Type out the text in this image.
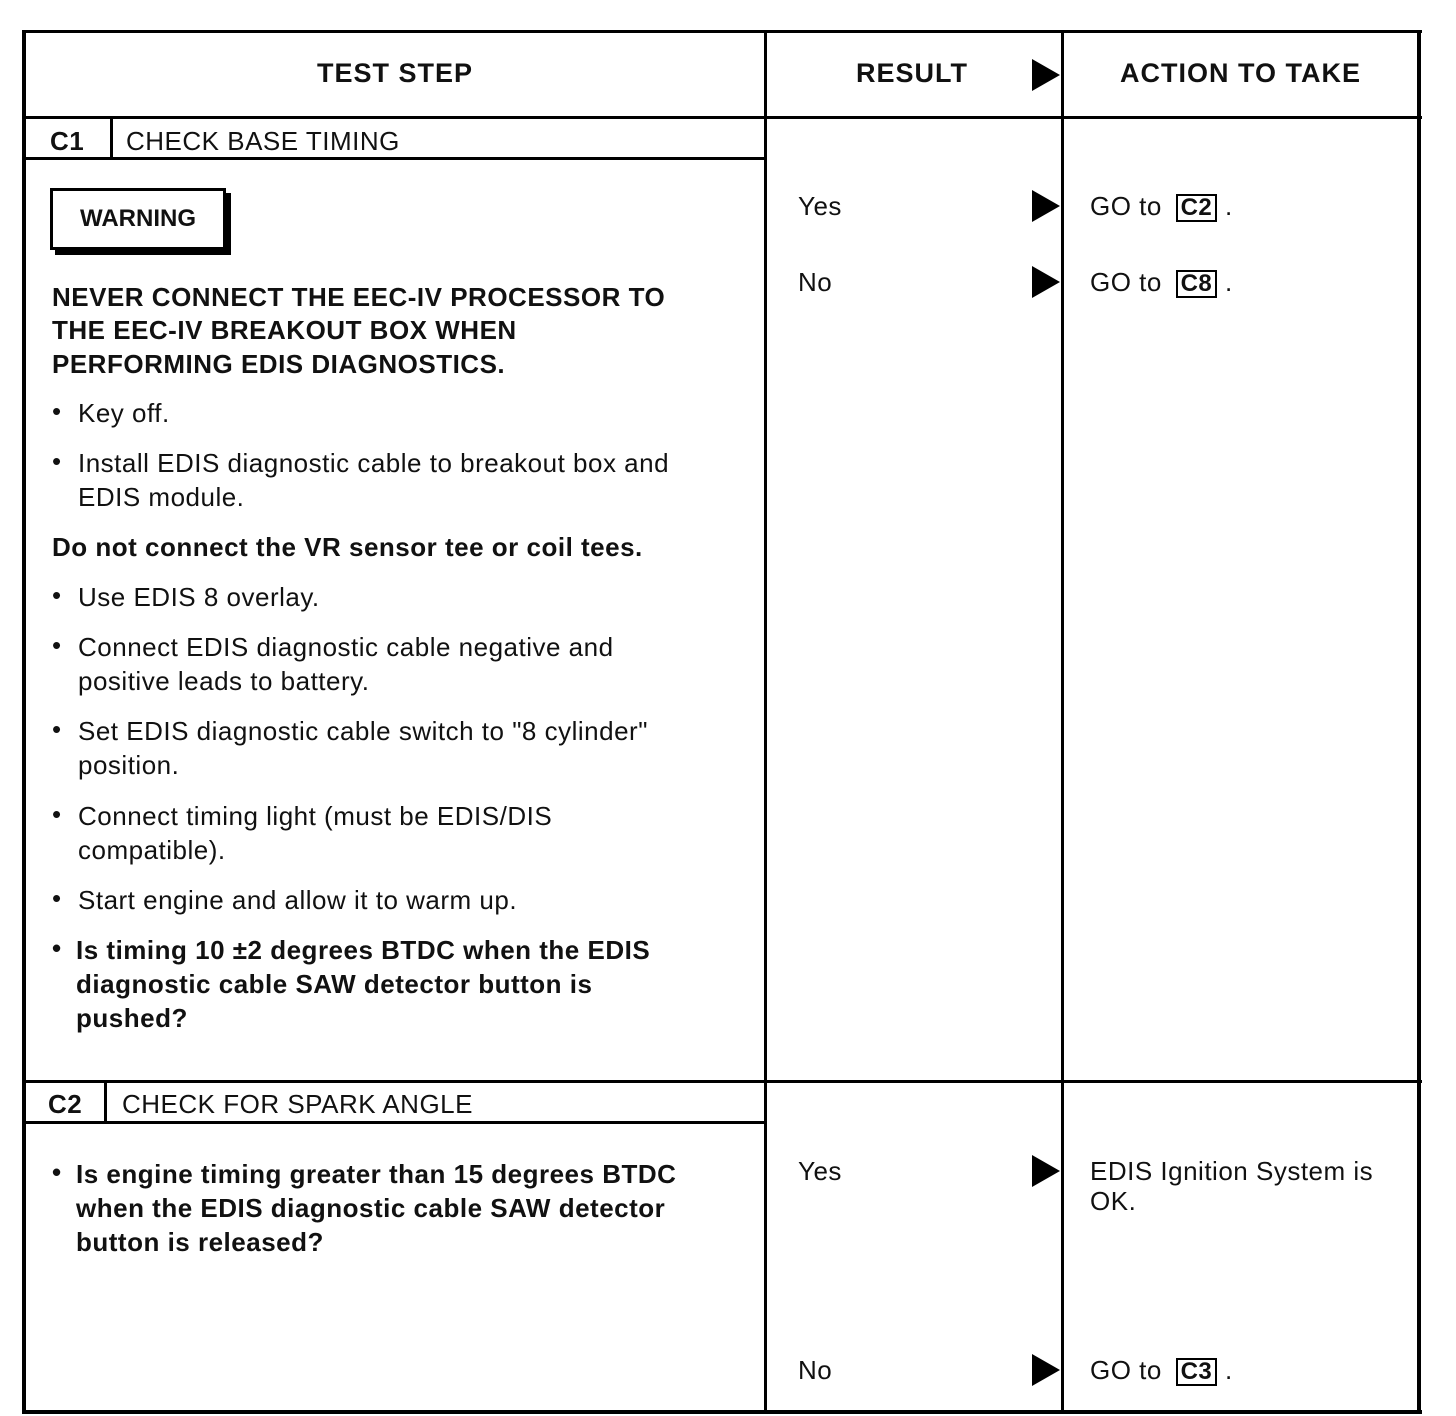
TEST STEP	RESULT	ACTION TO TAKE
C1 CHECK BASE TIMING
WARNING
NEVER CONNECT THE EEC-IV PROCESSOR TO
THE EEC-IV BREAKOUT BOX WHEN
PERFORMING EDIS DIAGNOSTICS.
• Key off.
• Install EDIS diagnostic cable to breakout box and
EDIS module.
Do not connect the VR sensor tee or coil tees.
• Use EDIS 8 overlay.
• Connect EDIS diagnostic cable negative and
positive leads to battery.
• Set EDIS diagnostic cable switch to "8 cylinder"
position.
• Connect timing light (must be EDIS/DIS
compatible).
• Start engine and allow it to warm up.
• Is timing 10 ±2 degrees BTDC when the EDIS
diagnostic cable SAW detector button is
pushed?
Yes	GO to C2 .
No	GO to C8 .
C2 CHECK FOR SPARK ANGLE
• Is engine timing greater than 15 degrees BTDC
when the EDIS diagnostic cable SAW detector
button is released?
Yes	EDIS Ignition System is
OK.
No	GO to C3 .
